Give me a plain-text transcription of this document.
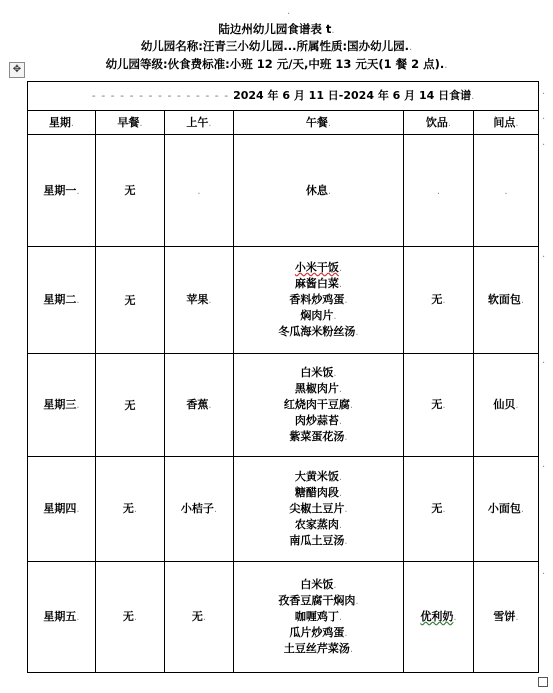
.
陆边州幼儿园食谱表 t.
幼儿园名称:汪青三小幼儿园...所属性质:国办幼儿园..
幼儿园等级:伙食费标准:小班 12 元/天,中班 13 元天(1 餐 2 点)..
✥
- - - - - - - - - - - - - - - 2024 年 6 月 11 日-2024 年 6 月 14 日食谱.					
星期.	早餐.	上午.	午餐.	饮品.	间点.
星期一.	无	.	休息.	.	.
星期二.	无	苹果.	小米干饭.
麻酱白菜.
香料炒鸡蛋.
焖肉片.
冬瓜海米粉丝汤.	无.	软面包.
星期三.	无	香蕉.	白米饭.
黑椒肉片.
红烧肉干豆腐.
肉炒蒜苔.
紫菜蛋花汤.	无.	仙贝.
星期四.	无.	小桔子.	大黄米饭.
糖醋肉段.
尖椒土豆片.
农家蒸肉.
南瓜土豆汤.	无.	小面包.
星期五.	无.	无.	白米饭.
孜香豆腐干焖肉.
咖喱鸡丁.
瓜片炒鸡蛋.
土豆丝芹菜汤.	优利奶.	雪饼.
.
.
.
.
.
.
.
